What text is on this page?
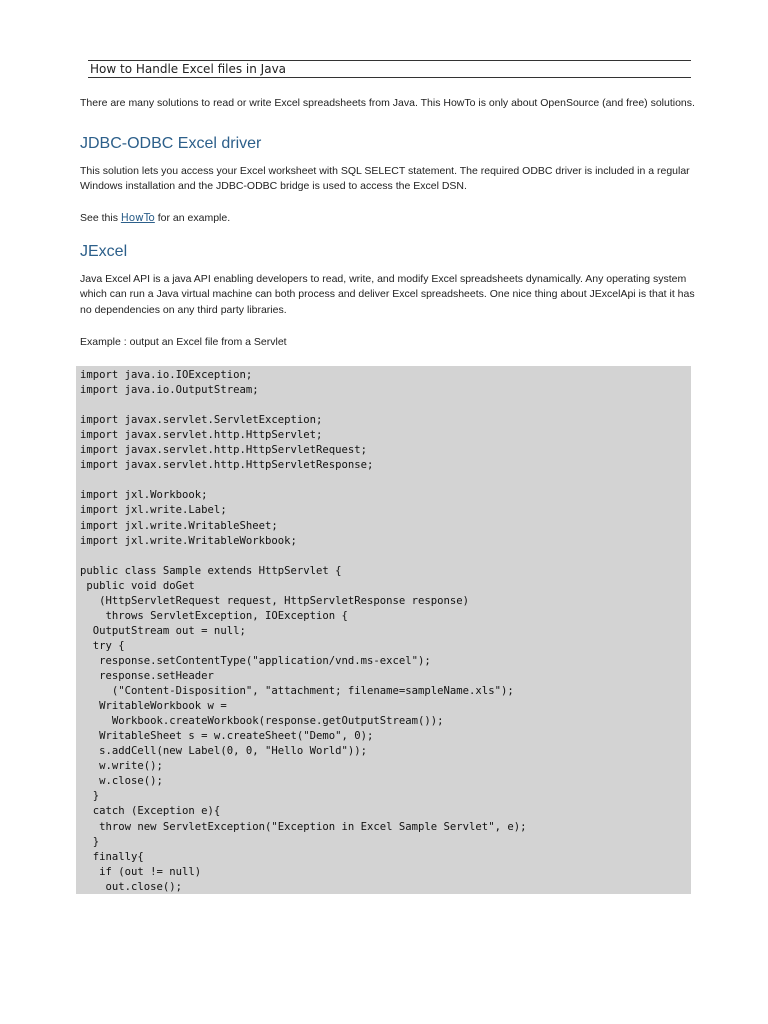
How to Handle Excel files in Java

There are many solutions to read or write Excel spreadsheets from Java. This HowTo is only about OpenSource (and free) solutions.

JDBC-ODBC Excel driver

This solution lets you access your Excel worksheet with SQL SELECT statement. The required ODBC driver is included in a regular Windows installation and the JDBC-ODBC bridge is used to access the Excel DSN.

See this HowTo for an example.

JExcel

Java Excel API is a java API enabling developers to read, write, and modify Excel spreadsheets dynamically. Any operating system which can run a Java virtual machine can both process and deliver Excel spreadsheets. One nice thing about JExcelApi is that it has no dependencies on any third party libraries.

Example : output an Excel file from a Servlet

import java.io.IOException;
import java.io.OutputStream;
import javax.servlet.ServletException;
import javax.servlet.http.HttpServlet;
import javax.servlet.http.HttpServletRequest;
import javax.servlet.http.HttpServletResponse;
import jxl.Workbook;
import jxl.write.Label;
import jxl.write.WritableSheet;
import jxl.write.WritableWorkbook;
public class Sample extends HttpServlet {
public void doGet
(HttpServletRequest request, HttpServletResponse response)
throws ServletException, IOException {
OutputStream out = null;
try {
response.setContentType("application/vnd.ms-excel");
response.setHeader
("Content-Disposition", "attachment; filename=sampleName.xls");
WritableWorkbook w =
Workbook.createWorkbook(response.getOutputStream());
WritableSheet s = w.createSheet("Demo", 0);
s.addCell(new Label(0, 0, "Hello World"));
w.write();
w.close();
}
catch (Exception e){
throw new ServletException("Exception in Excel Sample Servlet", e);
}
finally{
if (out != null)
out.close();
